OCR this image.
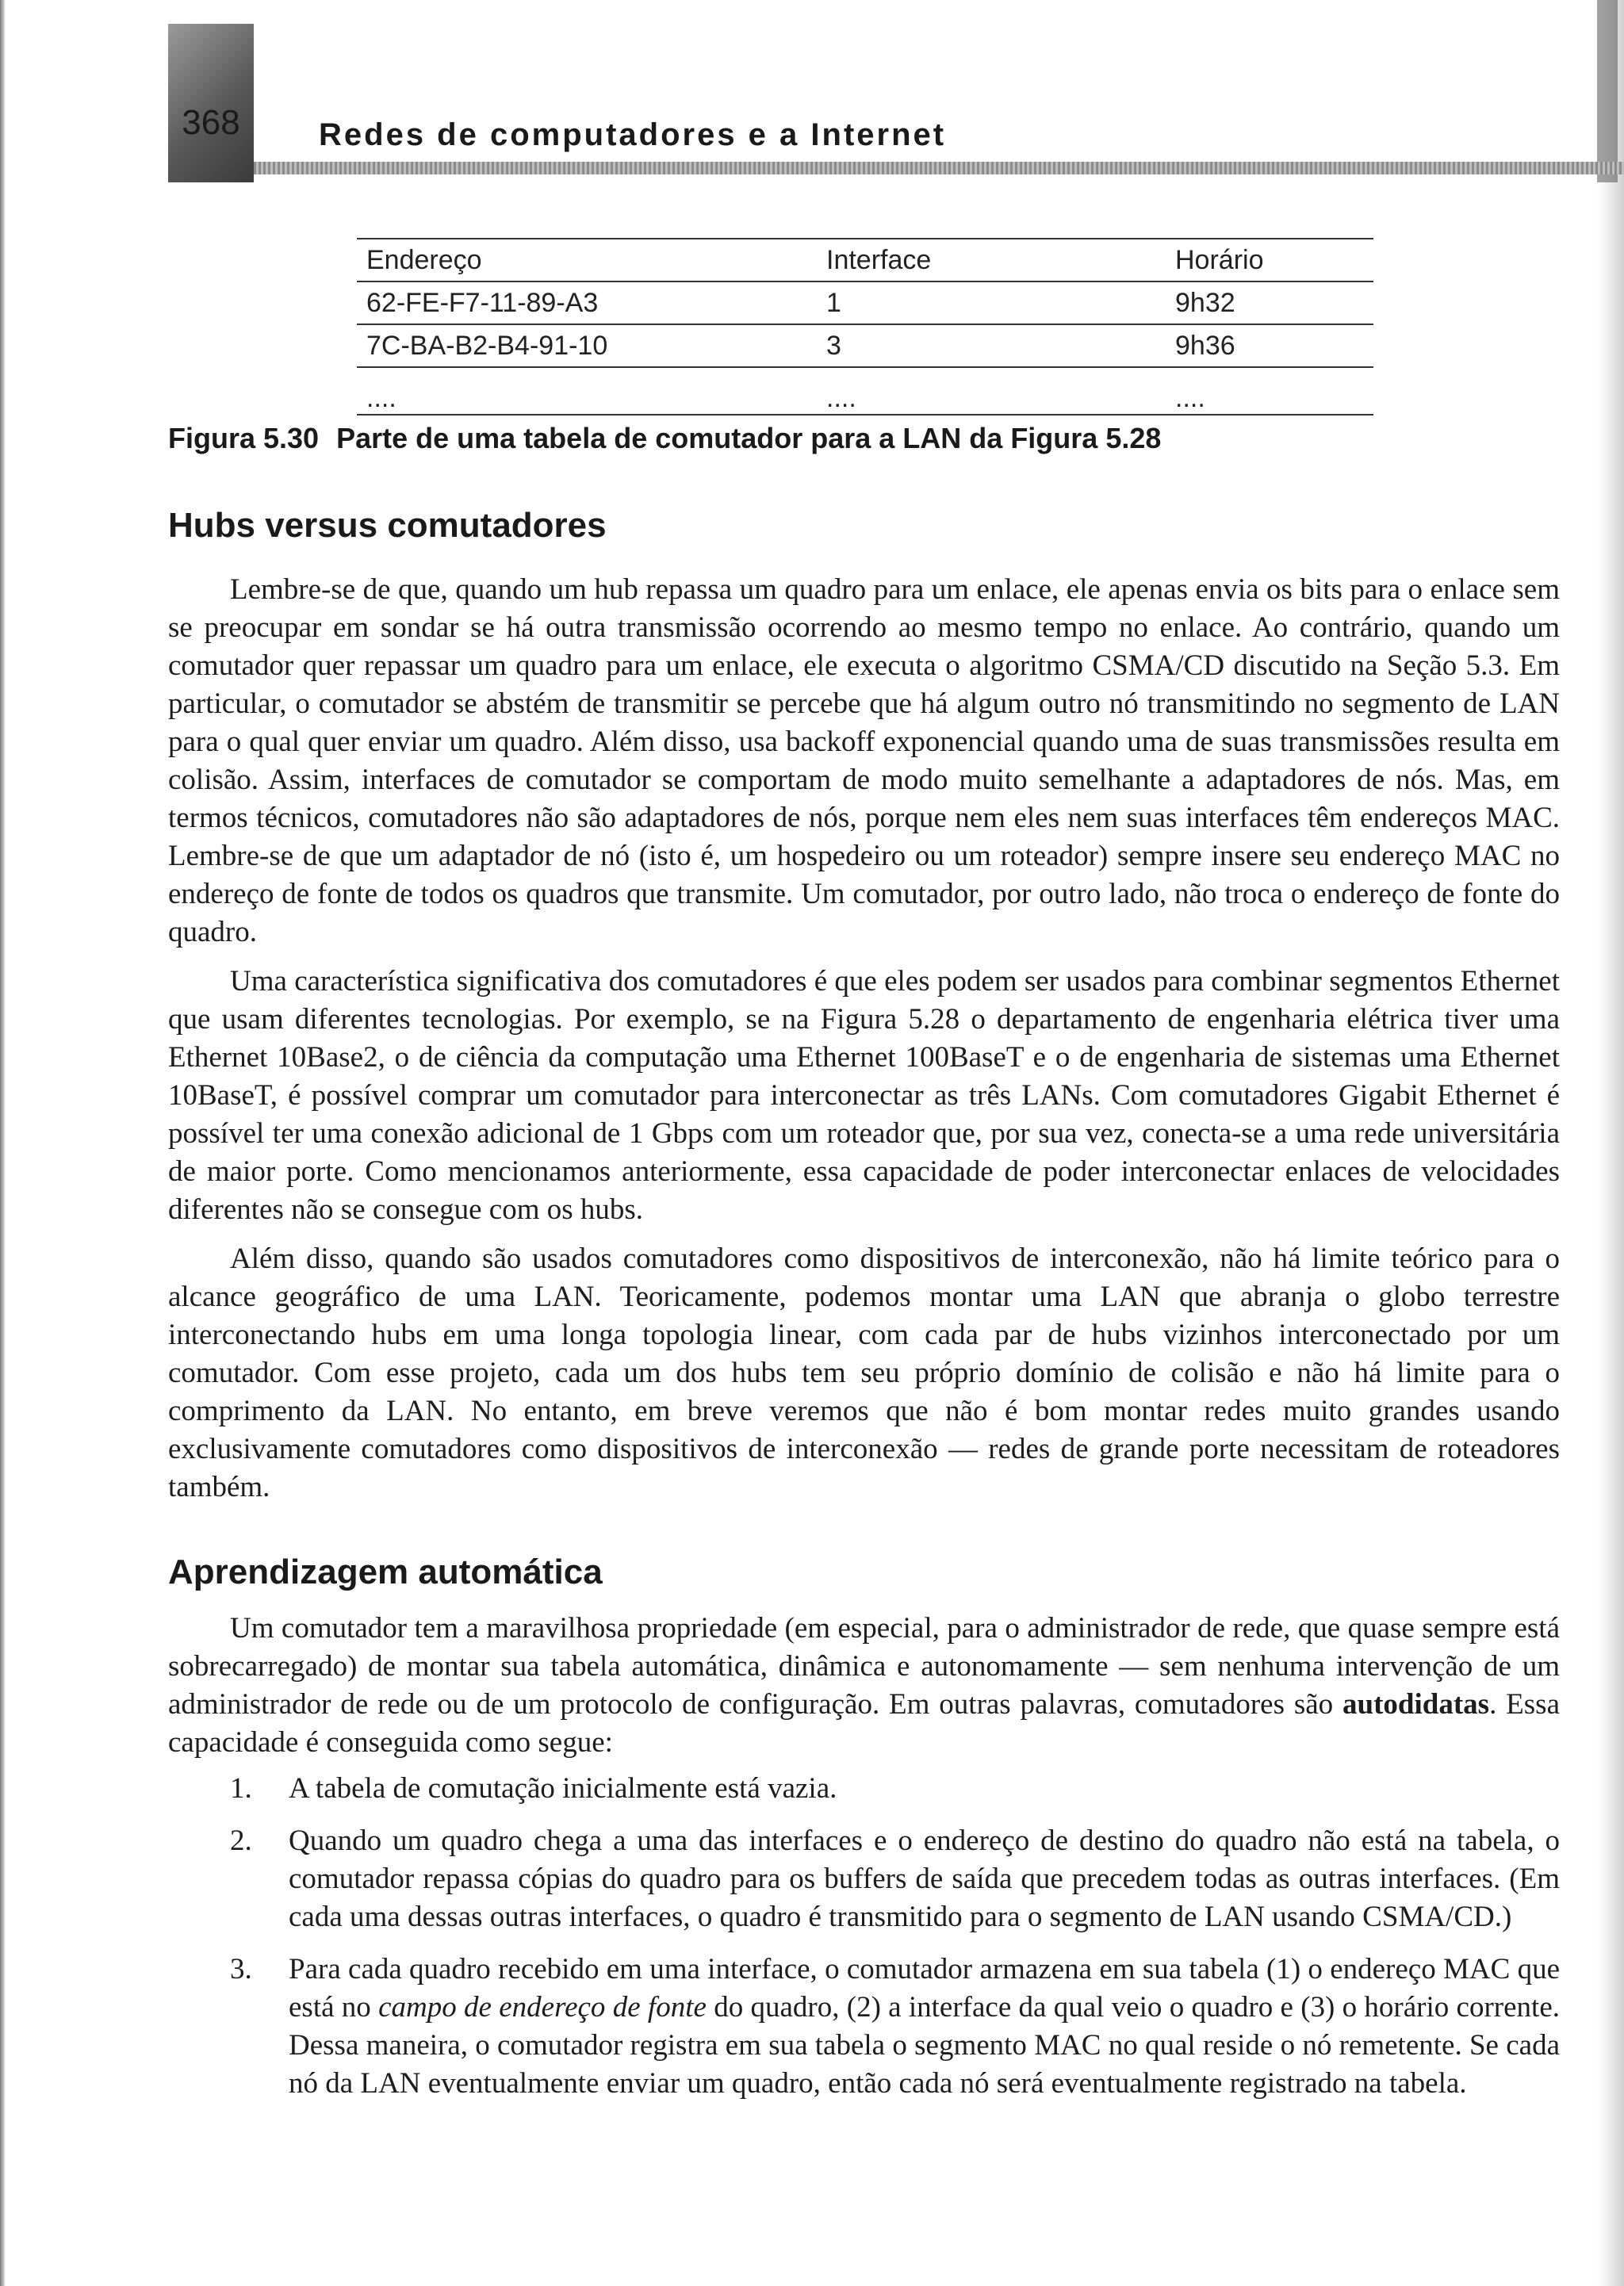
368	Redes de computadores e a Internet
Endereço	Interface	Horário
62-FE-F7-11-89-A3	1	9h32
7C-BA-B2-B4-91-10	3	9h36
....	....	....
Figura 5.30 Parte de uma tabela de comutador para a LAN da Figura 5.28
Hubs versus comutadores

Lembre-se de que, quando um hub repassa um quadro para um enlace, ele apenas envia os bits para o enlace sem se preocupar em sondar se há outra transmissão ocorrendo ao mesmo tempo no enlace. Ao contrário, quando um comutador quer repassar um quadro para um enlace, ele executa o algoritmo CSMA/CD discutido na Seção 5.3. Em particular, o comutador se abstém de transmitir se percebe que há algum outro nó transmitindo no segmento de LAN para o qual quer enviar um quadro. Além disso, usa backoff exponencial quando uma de suas transmissões resulta em colisão. Assim, interfaces de comutador se comportam de modo muito semelhante a adaptadores de nós. Mas, em termos técnicos, comutadores não são adaptadores de nós, porque nem eles nem suas interfaces têm endereços MAC. Lembre-se de que um adaptador de nó (isto é, um hospedeiro ou um roteador) sempre insere seu endereço MAC no endereço de fonte de todos os quadros que transmite. Um comutador, por outro lado, não troca o endereço de fonte do quadro.

Uma característica significativa dos comutadores é que eles podem ser usados para combinar segmentos Ethernet que usam diferentes tecnologias. Por exemplo, se na Figura 5.28 o departamento de engenharia elétrica tiver uma Ethernet 10Base2, o de ciência da computação uma Ethernet 100BaseT e o de engenharia de sistemas uma Ethernet 10BaseT, é possível comprar um comutador para interconectar as três LANs. Com comutadores Gigabit Ethernet é possível ter uma conexão adicional de 1 Gbps com um roteador que, por sua vez, conecta-se a uma rede universitária de maior porte. Como mencionamos anteriormente, essa capacidade de poder interconectar enlaces de velocidades diferentes não se consegue com os hubs.

Além disso, quando são usados comutadores como dispositivos de interconexão, não há limite teórico para o alcance geográfico de uma LAN. Teoricamente, podemos montar uma LAN que abranja o globo terrestre interconectando hubs em uma longa topologia linear, com cada par de hubs vizinhos interconectado por um comutador. Com esse projeto, cada um dos hubs tem seu próprio domínio de colisão e não há limite para o comprimento da LAN. No entanto, em breve veremos que não é bom montar redes muito grandes usando exclusivamente comutadores como dispositivos de interconexão — redes de grande porte necessitam de roteadores também.

Aprendizagem automática

Um comutador tem a maravilhosa propriedade (em especial, para o administrador de rede, que quase sempre está sobrecarregado) de montar sua tabela automática, dinâmica e autonomamente — sem nenhuma intervenção de um administrador de rede ou de um protocolo de configuração. Em outras palavras, comutadores são autodidatas. Essa capacidade é conseguida como segue:

1. A tabela de comutação inicialmente está vazia.
2. Quando um quadro chega a uma das interfaces e o endereço de destino do quadro não está na tabela, o comutador repassa cópias do quadro para os buffers de saída que precedem todas as outras interfaces. (Em cada uma dessas outras interfaces, o quadro é transmitido para o segmento de LAN usando CSMA/CD.)
3. Para cada quadro recebido em uma interface, o comutador armazena em sua tabela (1) o endereço MAC que está no campo de endereço de fonte do quadro, (2) a interface da qual veio o quadro e (3) o horário corrente. Dessa maneira, o comutador registra em sua tabela o segmento MAC no qual reside o nó remetente. Se cada nó da LAN eventualmente enviar um quadro, então cada nó será eventualmente registrado na tabela.
